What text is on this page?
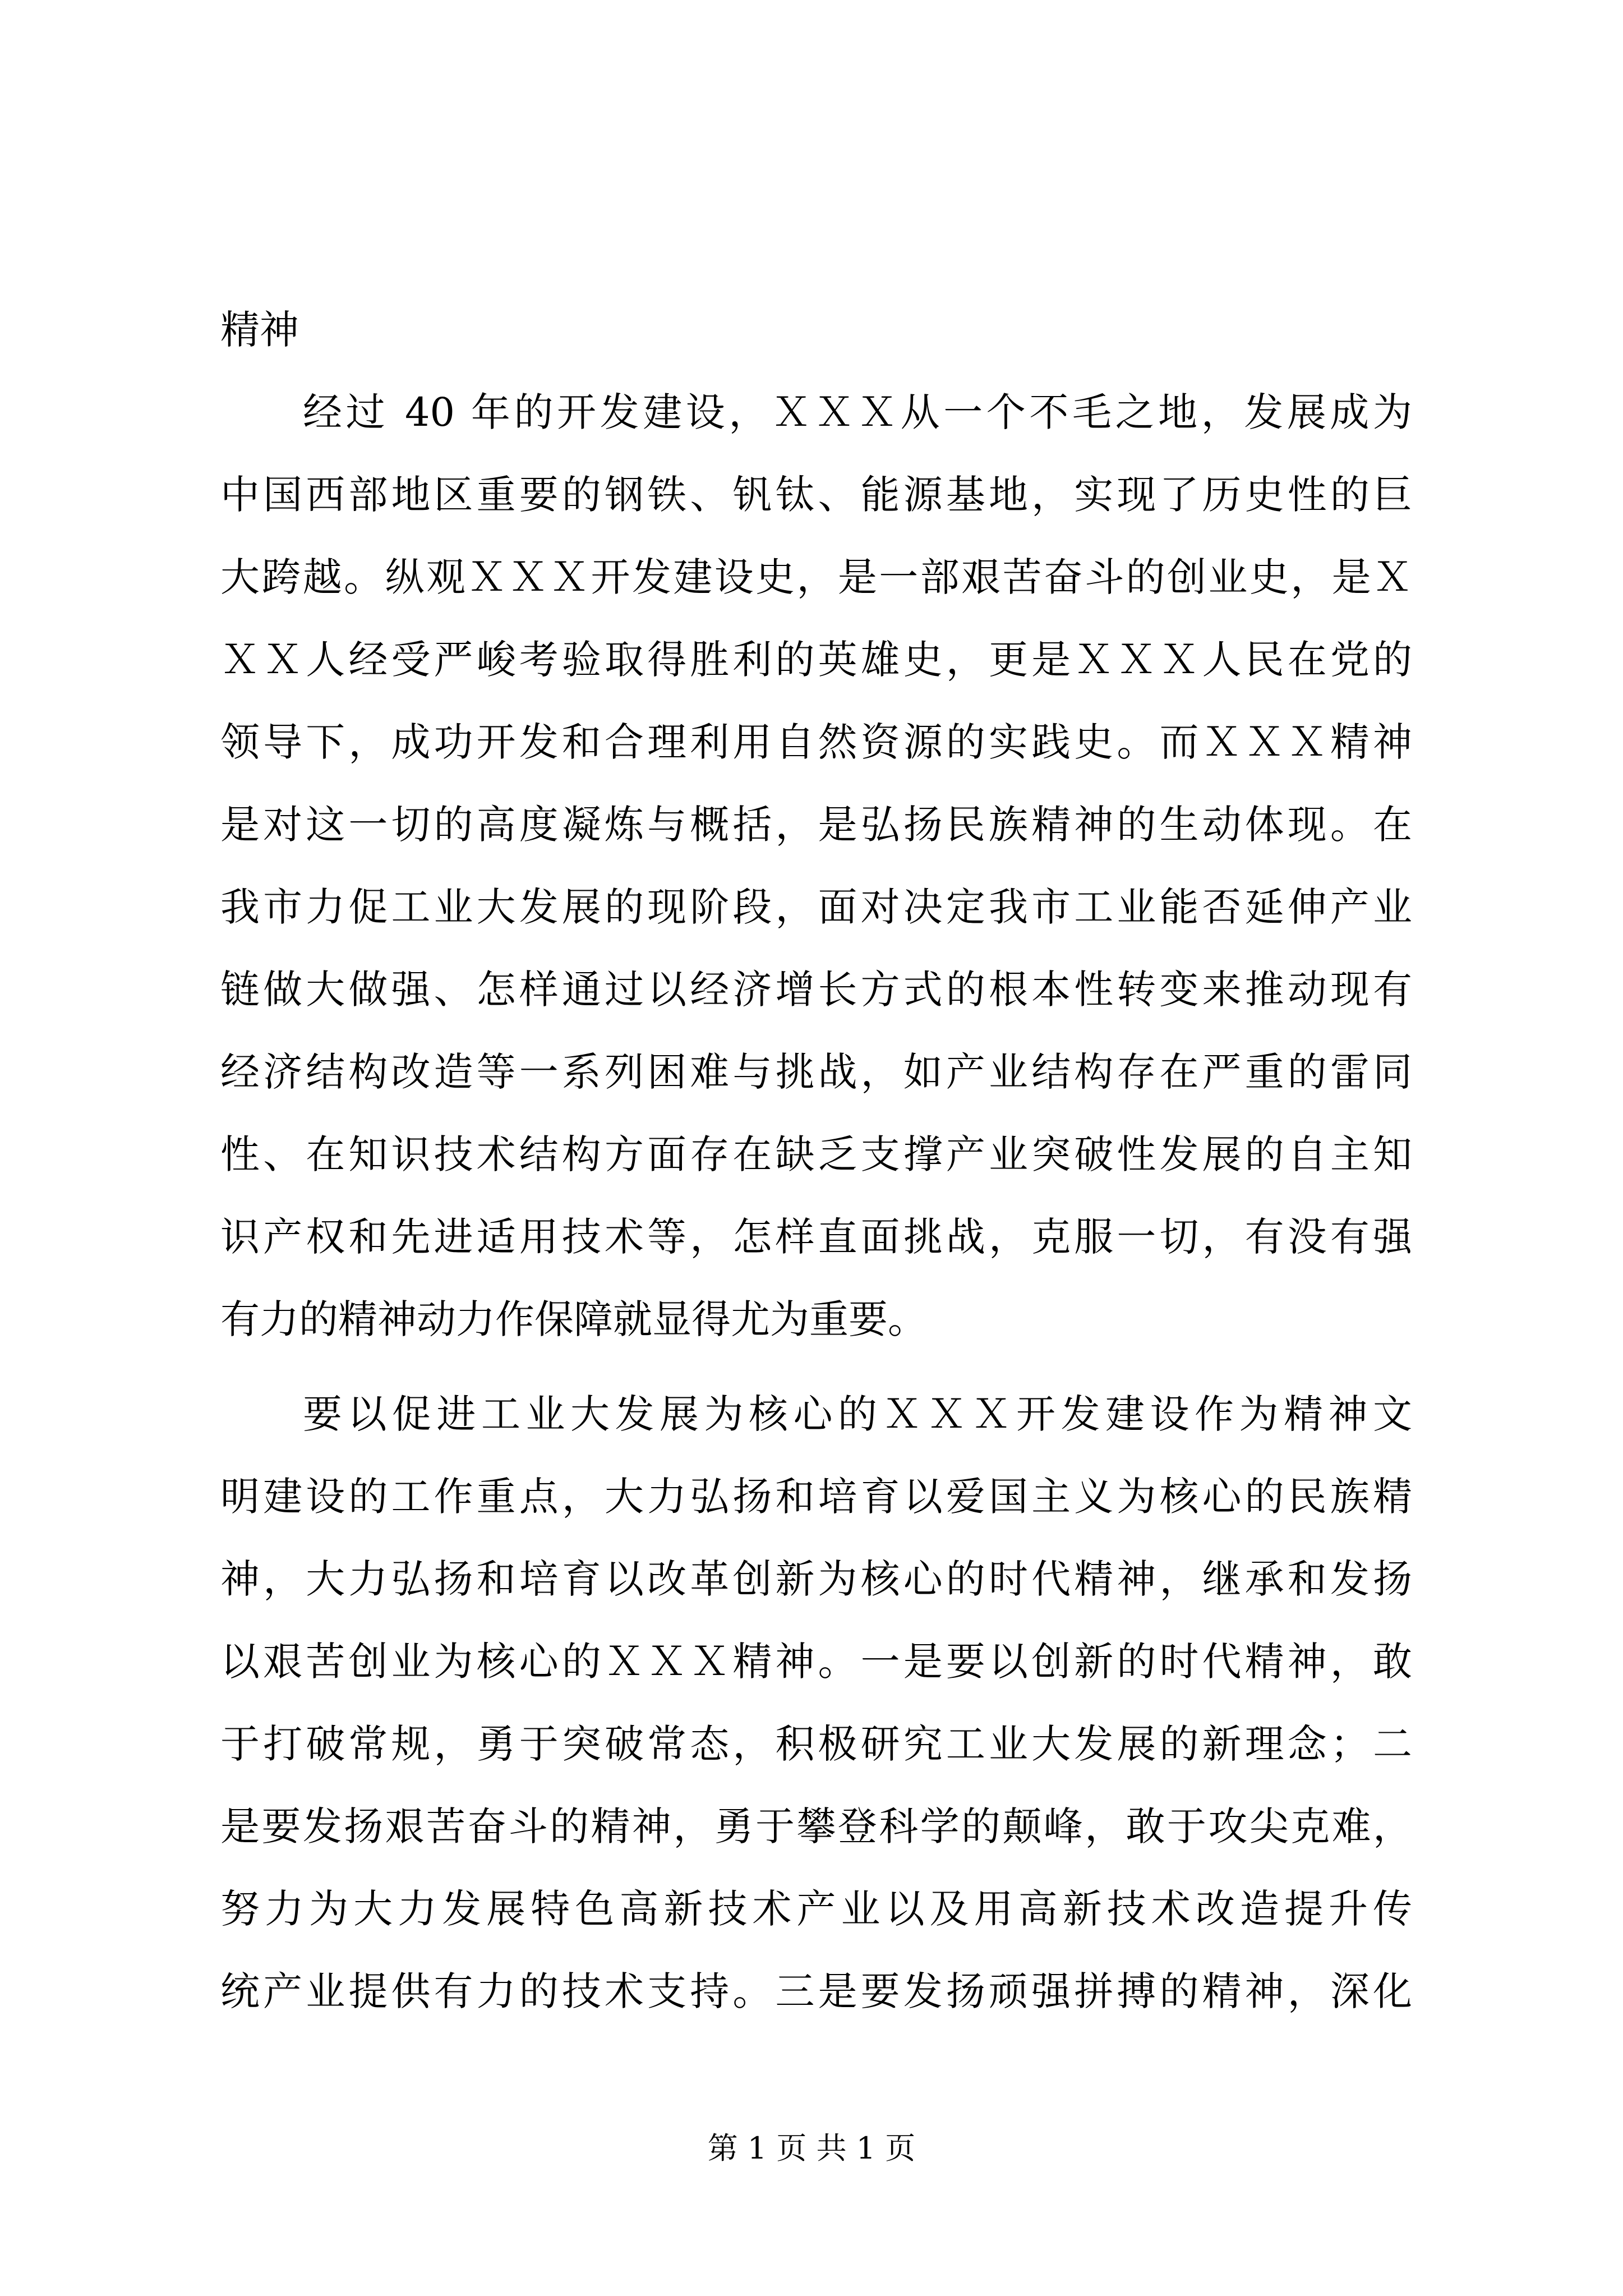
精神
经过 40 年的开发建设，ＸＸＸ从一个不毛之地，发展成为
中国西部地区重要的钢铁、钒钛、能源基地，实现了历史性的巨
大跨越。纵观ＸＸＸ开发建设史，是一部艰苦奋斗的创业史，是Ｘ
ＸＸ人经受严峻考验取得胜利的英雄史，更是ＸＸＸ人民在党的
领导下，成功开发和合理利用自然资源的实践史。而ＸＸＸ精神
是对这一切的高度凝炼与概括，是弘扬民族精神的生动体现。在
我市力促工业大发展的现阶段，面对决定我市工业能否延伸产业
链做大做强、怎样通过以经济增长方式的根本性转变来推动现有
经济结构改造等一系列困难与挑战，如产业结构存在严重的雷同
性、在知识技术结构方面存在缺乏支撑产业突破性发展的自主知
识产权和先进适用技术等，怎样直面挑战，克服一切，有没有强
有力的精神动力作保障就显得尤为重要。
要以促进工业大发展为核心的ＸＸＸ开发建设作为精神文
明建设的工作重点，大力弘扬和培育以爱国主义为核心的民族精
神，大力弘扬和培育以改革创新为核心的时代精神，继承和发扬
以艰苦创业为核心的ＸＸＸ精神。一是要以创新的时代精神，敢
于打破常规，勇于突破常态，积极研究工业大发展的新理念；二
是要发扬艰苦奋斗的精神，勇于攀登科学的颠峰，敢于攻尖克难，
努力为大力发展特色高新技术产业以及用高新技术改造提升传
统产业提供有力的技术支持。三是要发扬顽强拼搏的精神，深化
第 1 页 共 1 页
